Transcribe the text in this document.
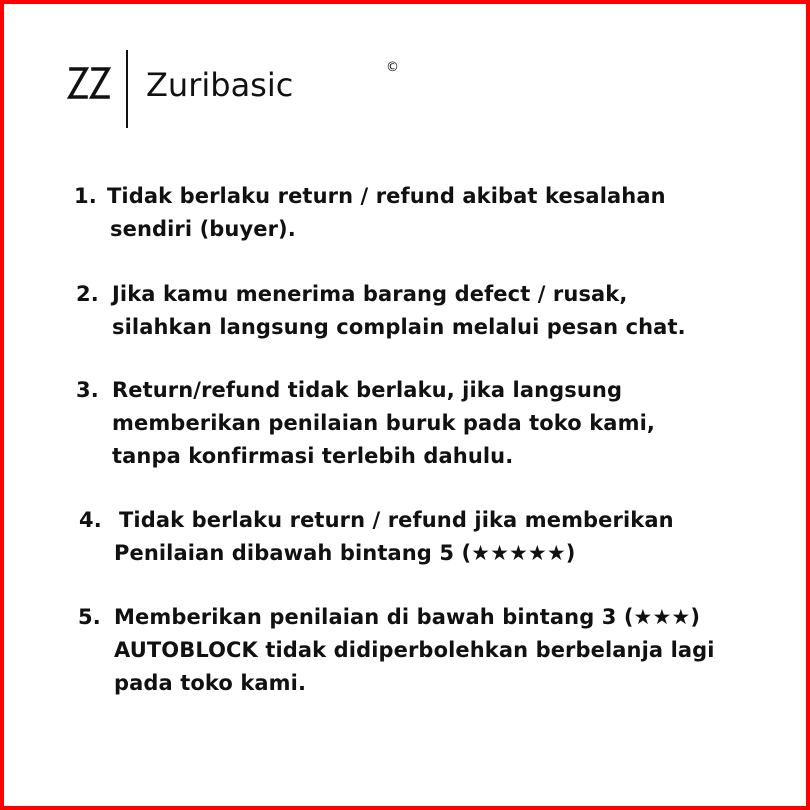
Zuribasic	©
1. Tidak berlaku return / refund akibat kesalahan
sendiri (buyer).
2. Jika kamu menerima barang defect / rusak,
silahkan langsung complain melalui pesan chat.
3. Return/refund tidak berlaku, jika langsung
memberikan penilaian buruk pada toko kami,
tanpa konfirmasi terlebih dahulu.
4. Tidak berlaku return / refund jika memberikan
Penilaian dibawah bintang 5 (★★★★★)
5. Memberikan penilaian di bawah bintang 3 (★★★)
AUTOBLOCK tidak didiperbolehkan berbelanja lagi
pada toko kami.
